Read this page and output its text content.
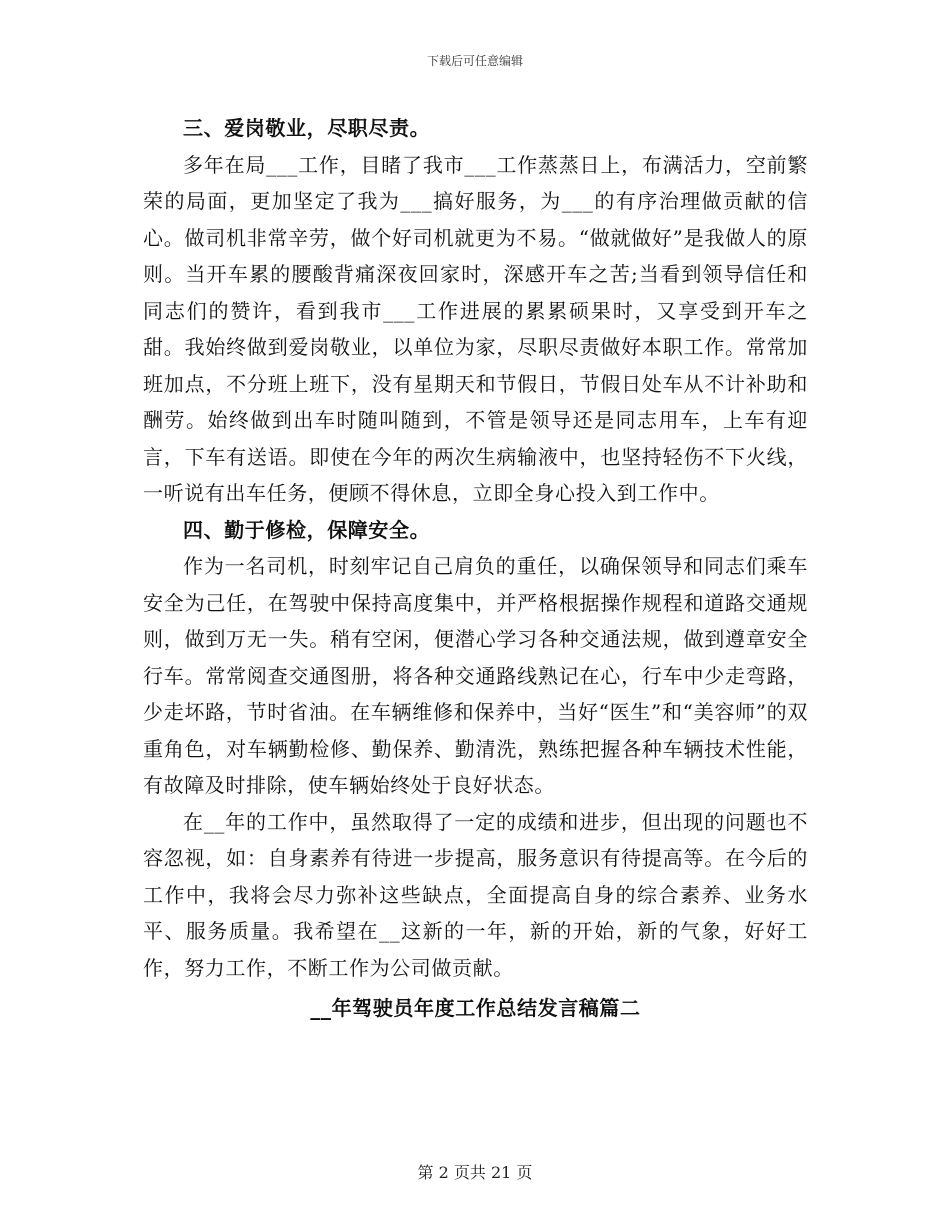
下载后可任意编辑
三、爱岗敬业，尽职尽责。

多年在局___工作，目睹了我市___工作蒸蒸日上，布满活力，空前繁荣的局面，更加坚定了我为___搞好服务，为___的有序治理做贡献的信心。做司机非常辛劳，做个好司机就更为不易。“做就做好”是我做人的原则。当开车累的腰酸背痛深夜回家时，深感开车之苦;当看到领导信任和同志们的赞许，看到我市___工作进展的累累硕果时，又享受到开车之甜。我始终做到爱岗敬业，以单位为家，尽职尽责做好本职工作。常常加班加点，不分班上班下，没有星期天和节假日，节假日处车从不计补助和酬劳。始终做到出车时随叫随到，不管是领导还是同志用车，上车有迎言，下车有送语。即使在今年的两次生病输液中，也坚持轻伤不下火线，一听说有出车任务，便顾不得休息，立即全身心投入到工作中。

四、勤于修检，保障安全。

作为一名司机，时刻牢记自己肩负的重任，以确保领导和同志们乘车安全为己任，在驾驶中保持高度集中，并严格根据操作规程和道路交通规则，做到万无一失。稍有空闲，便潜心学习各种交通法规，做到遵章安全行车。常常阅查交通图册，将各种交通路线熟记在心，行车中少走弯路，少走坏路，节时省油。在车辆维修和保养中，当好“医生”和“美容师”的双重角色，对车辆勤检修、勤保养、勤清洗，熟练把握各种车辆技术性能，有故障及时排除，使车辆始终处于良好状态。

在__年的工作中，虽然取得了一定的成绩和进步，但出现的问题也不容忽视，如：自身素养有待进一步提高，服务意识有待提高等。在今后的工作中，我将会尽力弥补这些缺点，全面提高自身的综合素养、业务水平、服务质量。我希望在__这新的一年，新的开始，新的气象，好好工作，努力工作，不断工作为公司做贡献。

__年驾驶员年度工作总结发言稿篇二
第 2 页共 21 页
